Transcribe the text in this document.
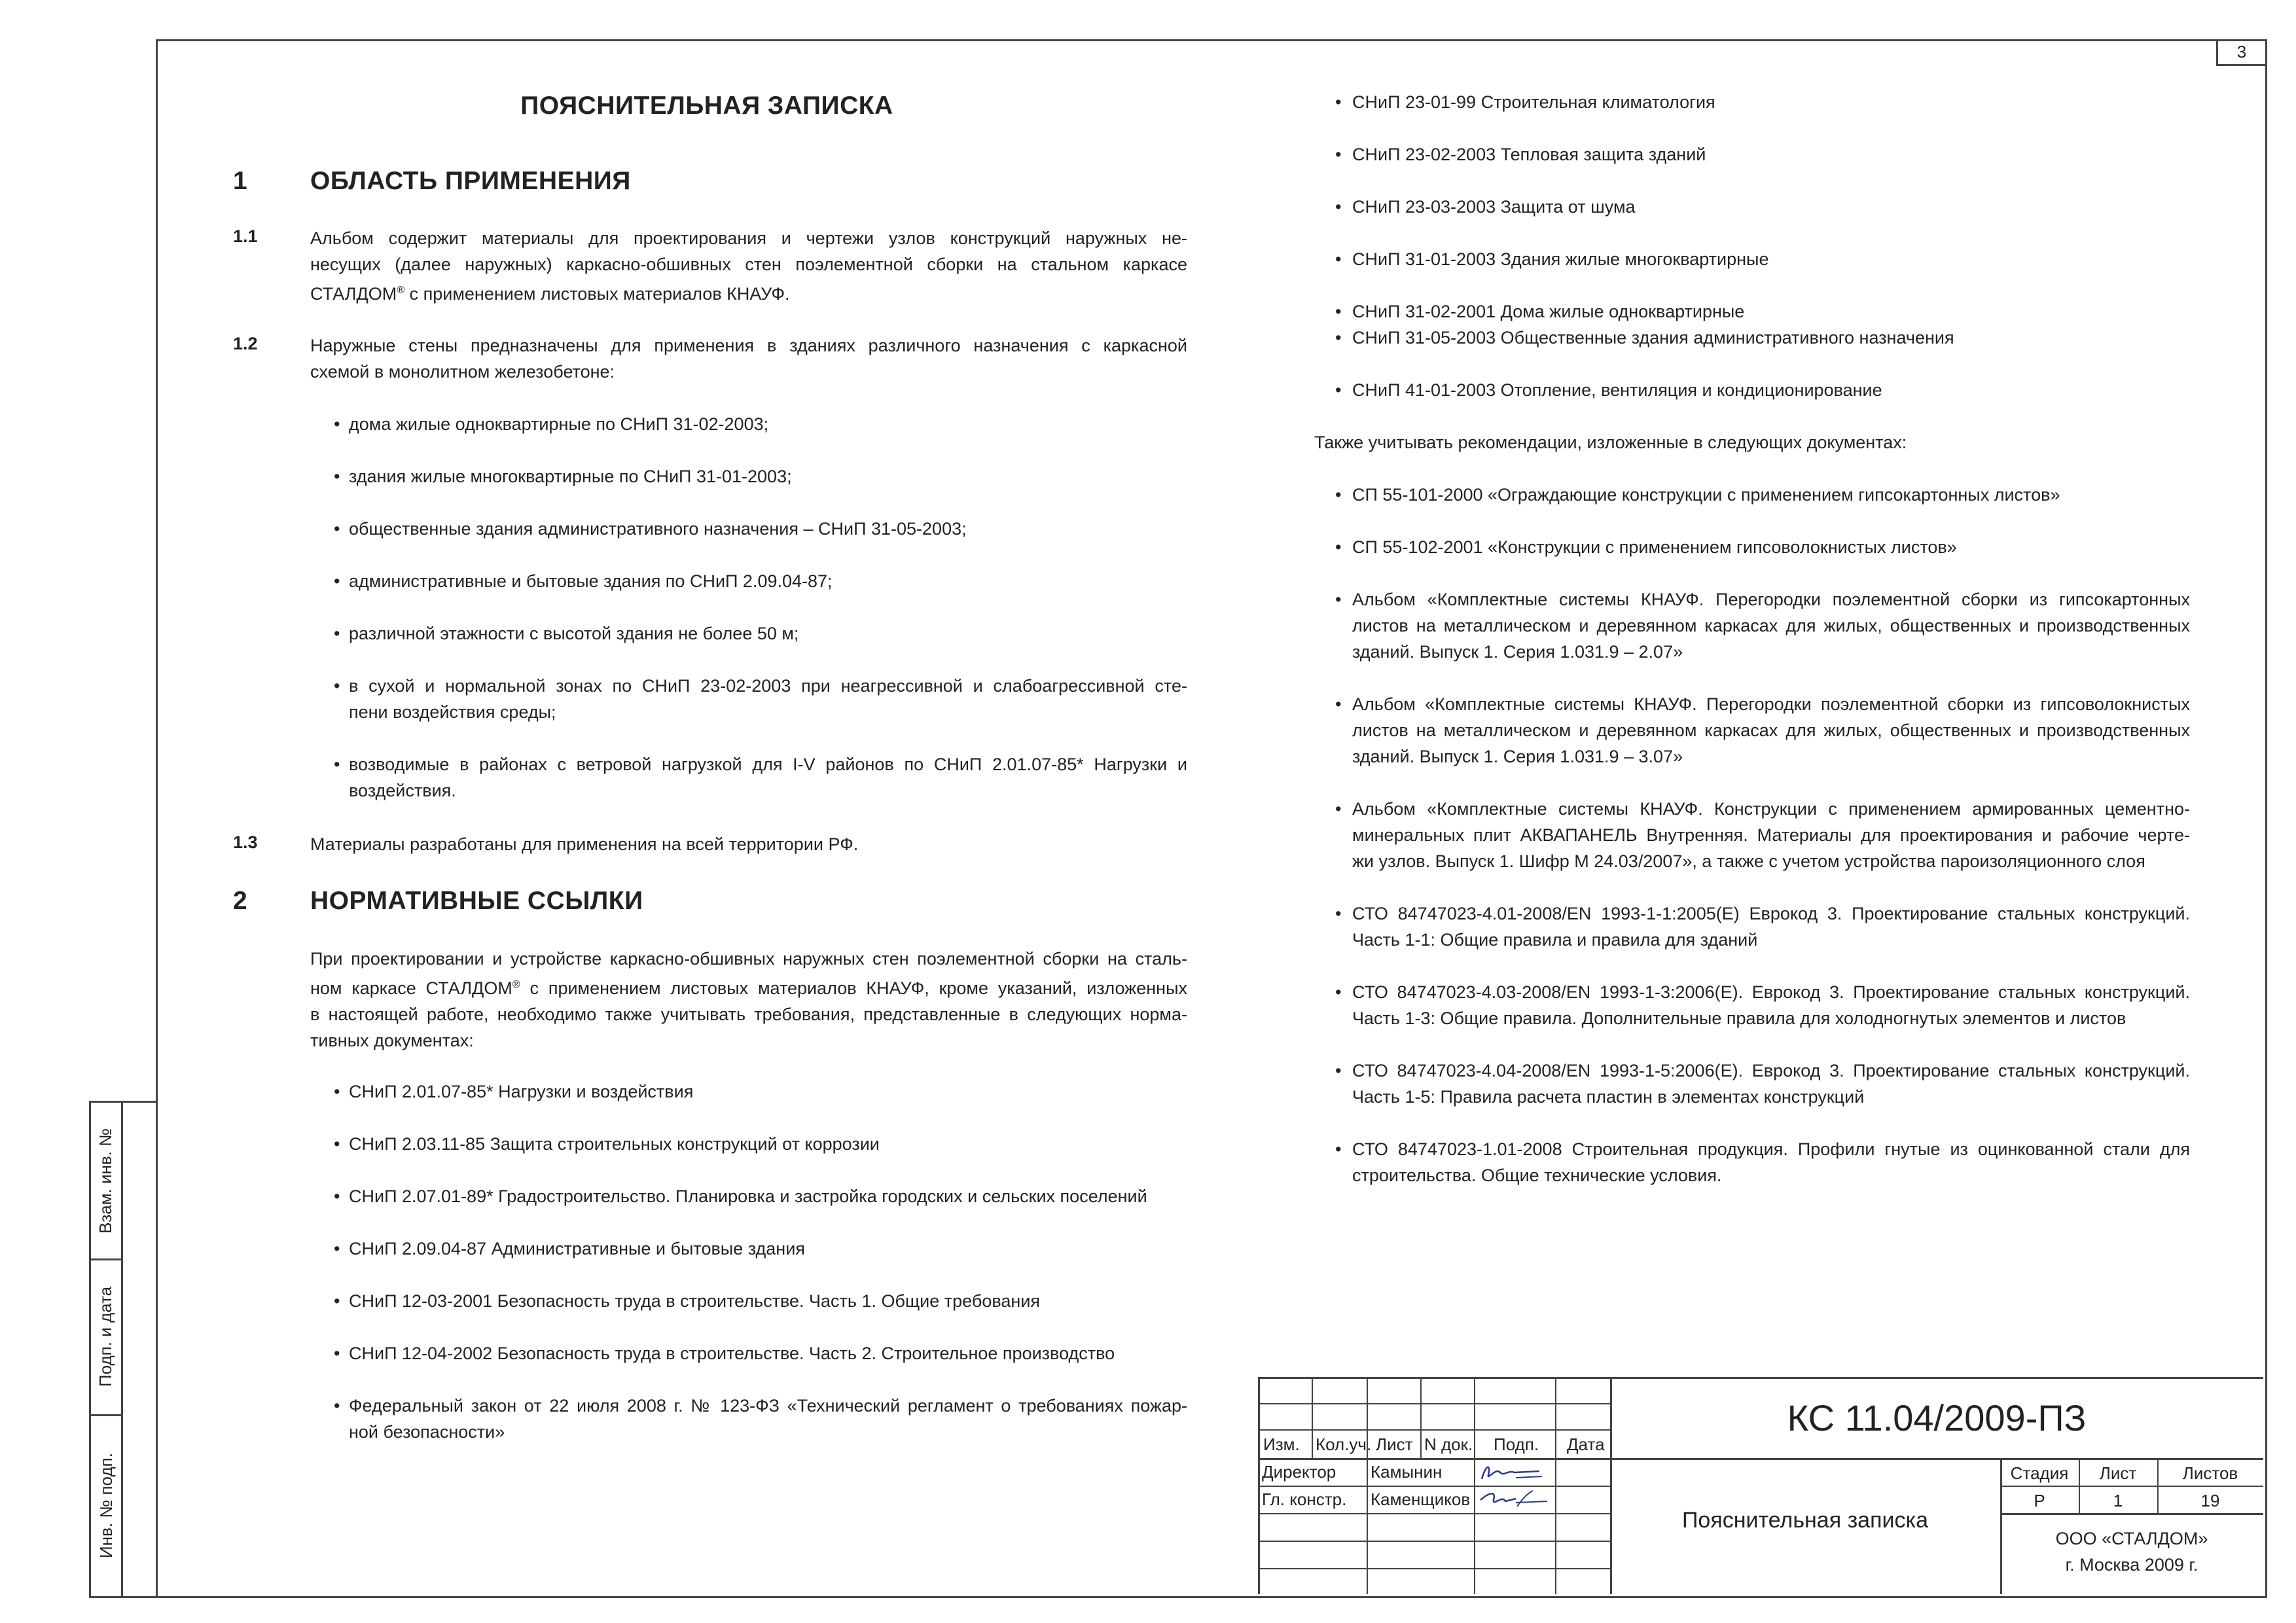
3
Взам. инв. №
Подп. и дата
Инв. № подп.
ПОЯСНИТЕЛЬНАЯ ЗАПИСКА
1 ОБЛАСТЬ ПРИМЕНЕНИЯ
1.1	Альбом содержит материалы для проектирования и чертежи узлов конструкций наружных не-
несущих (далее наружных) каркасно-обшивных стен поэлементной сборки на стальном каркасе
СТАЛДОМ® с применением листовых материалов КНАУФ.
1.2	Наружные стены предназначены для применения в зданиях различного назначения с каркасной
схемой в монолитном железобетоне:
• дома жилые одноквартирные по СНиП 31-02-2003;
• здания жилые многоквартирные по СНиП 31-01-2003;
• общественные здания административного назначения – СНиП 31-05-2003;
• административные и бытовые здания по СНиП 2.09.04-87;
• различной этажности с высотой здания не более 50 м;
• в сухой и нормальной зонах по СНиП 23-02-2003 при неагрессивной и слабоагрессивной сте-
пени воздействия среды;
• возводимые в районах с ветровой нагрузкой для I-V районов по СНиП 2.01.07-85* Нагрузки и
воздействия.
1.3	Материалы разработаны для применения на всей территории РФ.
2 НОРМАТИВНЫЕ ССЫЛКИ
При проектировании и устройстве каркасно-обшивных наружных стен поэлементной сборки на сталь-
ном каркасе СТАЛДОМ® с применением листовых материалов КНАУФ, кроме указаний, изложенных
в настоящей работе, необходимо также учитывать требования, представленные в следующих норма-
тивных документах:
• СНиП 2.01.07-85* Нагрузки и воздействия
• СНиП 2.03.11-85 Защита строительных конструкций от коррозии
• СНиП 2.07.01-89* Градостроительство. Планировка и застройка городских и сельских поселений
• СНиП 2.09.04-87 Административные и бытовые здания
• СНиП 12-03-2001 Безопасность труда в строительстве. Часть 1. Общие требования
• СНиП 12-04-2002 Безопасность труда в строительстве. Часть 2. Строительное производство
• Федеральный закон от 22 июля 2008 г. № 123-ФЗ «Технический регламент о требованиях пожар-
ной безопасности»
• СНиП 23-01-99 Строительная климатология
• СНиП 23-02-2003 Тепловая защита зданий
• СНиП 23-03-2003 Защита от шума
• СНиП 31-01-2003 Здания жилые многоквартирные
• СНиП 31-02-2001 Дома жилые одноквартирные
• СНиП 31-05-2003 Общественные здания административного назначения
• СНиП 41-01-2003 Отопление, вентиляция и кондиционирование
Также учитывать рекомендации, изложенные в следующих документах:
• СП 55-101-2000 «Ограждающие конструкции с применением гипсокартонных листов»
• СП 55-102-2001 «Конструкции с применением гипсоволокнистых листов»
• Альбом «Комплектные системы КНАУФ. Перегородки поэлементной сборки из гипсокартонных
листов на металлическом и деревянном каркасах для жилых, общественных и производственных
зданий. Выпуск 1. Серия 1.031.9 – 2.07»
• Альбом «Комплектные системы КНАУФ. Перегородки поэлементной сборки из гипсоволокнистых
листов на металлическом и деревянном каркасах для жилых, общественных и производственных
зданий. Выпуск 1. Серия 1.031.9 – 3.07»
• Альбом «Комплектные системы КНАУФ. Конструкции с применением армированных цементно-
минеральных плит АКВАПАНЕЛЬ Внутренняя. Материалы для проектирования и рабочие черте-
жи узлов. Выпуск 1. Шифр М 24.03/2007», а также с учетом устройства пароизоляционного слоя
• СТО 84747023-4.01-2008/EN 1993-1-1:2005(E) Еврокод 3. Проектирование стальных конструкций.
Часть 1-1: Общие правила и правила для зданий
• СТО 84747023-4.03-2008/EN 1993-1-3:2006(E). Еврокод 3. Проектирование стальных конструкций.
Часть 1-3: Общие правила. Дополнительные правила для холодногнутых элементов и листов
• СТО 84747023-4.04-2008/EN 1993-1-5:2006(E). Еврокод 3. Проектирование стальных конструкций.
Часть 1-5: Правила расчета пластин в элементах конструкций
• СТО 84747023-1.01-2008 Строительная продукция. Профили гнутые из оцинкованной стали для
строительства. Общие технические условия.
Изм. Кол.уч. Лист N док. Подп. Дата
Директор Камынин
Гл. констр. Каменщиков
КС 11.04/2009-ПЗ
Пояснительная записка
Стадия	Лист	Листов
Р	1	19
ООО «СТАЛДОМ»
г. Москва 2009 г.
